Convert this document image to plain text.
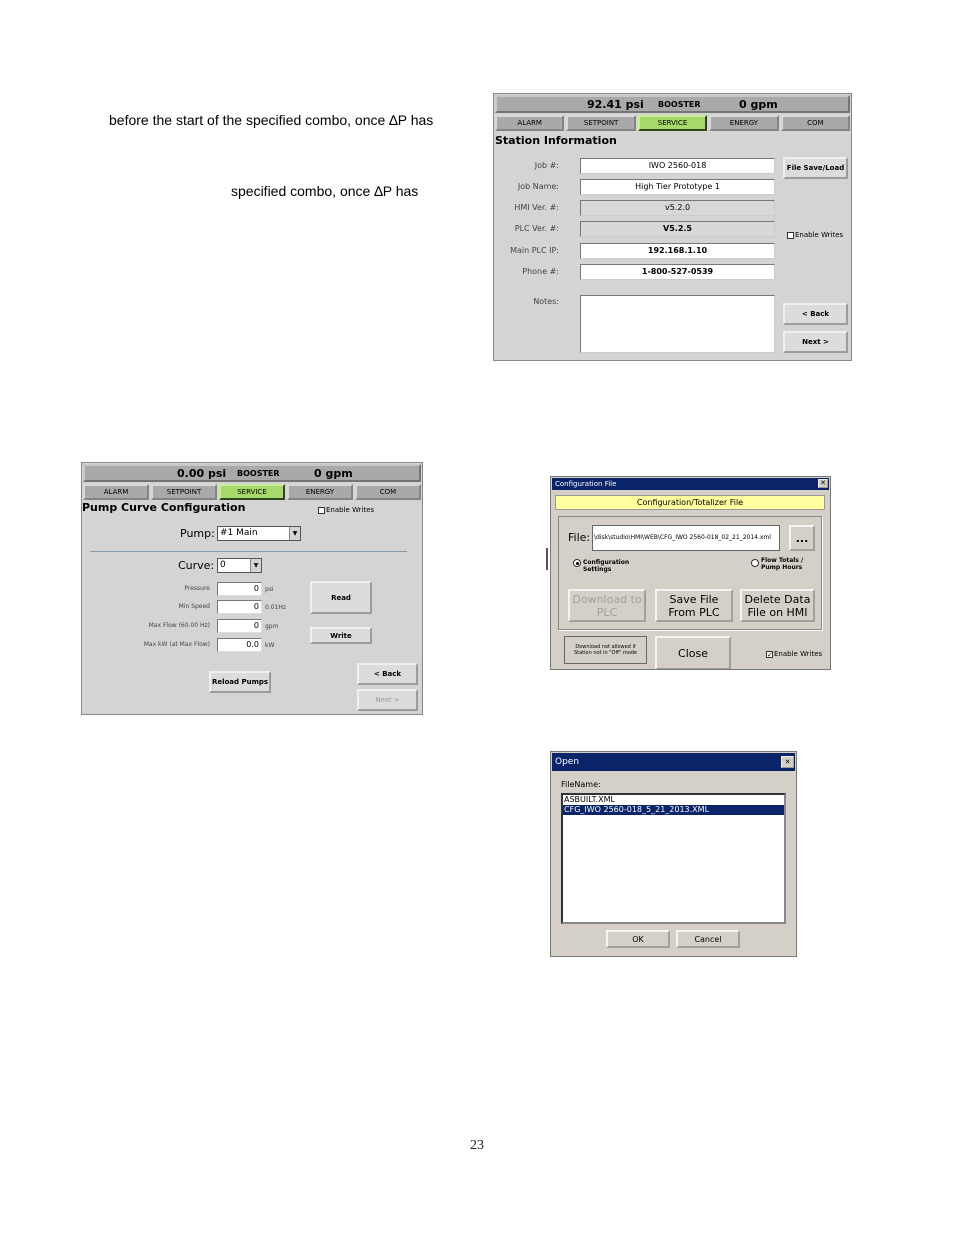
before the start of the specified combo, once ∆P has
specified combo, once ∆P has
92.41 psi BOOSTER	0 gpm
ALARM	SETPOINT	SERVICE	ENERGY	COM
Station Information
Job #:	IWO 2560-018
Job Name:	High Tier Prototype 1
HMI Ver. #:	v5.2.0
PLC Ver. #:	V5.2.5
Main PLC IP:	192.168.1.10
Phone #:	1-800-527-0539
Notes:
File Save/Load
Enable Writes
< Back
Next >
0.00 psi BOOSTER	0 gpm
ALARM	SETPOINT	SERVICE	ENERGY	COM
Pump Curve Configuration	Enable Writes
Pump: #1 Main	▼
Curve: 0	▼
Pressure	0	psi
Min Speed	0	0.01Hz
Max Flow (60.00 Hz)	0	gpm
Max kW (at Max Flow)	0.0	kW
Read
Write
Reload Pumps
< Back
Next >
Configuration File	✕
Configuration/Totalizer File
File: \disk\studio\HMI\WEB\CFG_IWO 2560-018_02_21_2014.xml	...
Configuration Settings
Flow Totals / Pump Hours
Download to PLC
Save File From PLC
Delete Data File on HMI
Download not allowed if Station not in "Off" mode	Close	✓ Enable Writes
Open	✕
FileName:
ASBUILT.XML
CFG_IWO 2560-018_5_21_2013.XML
OK	Cancel
23
